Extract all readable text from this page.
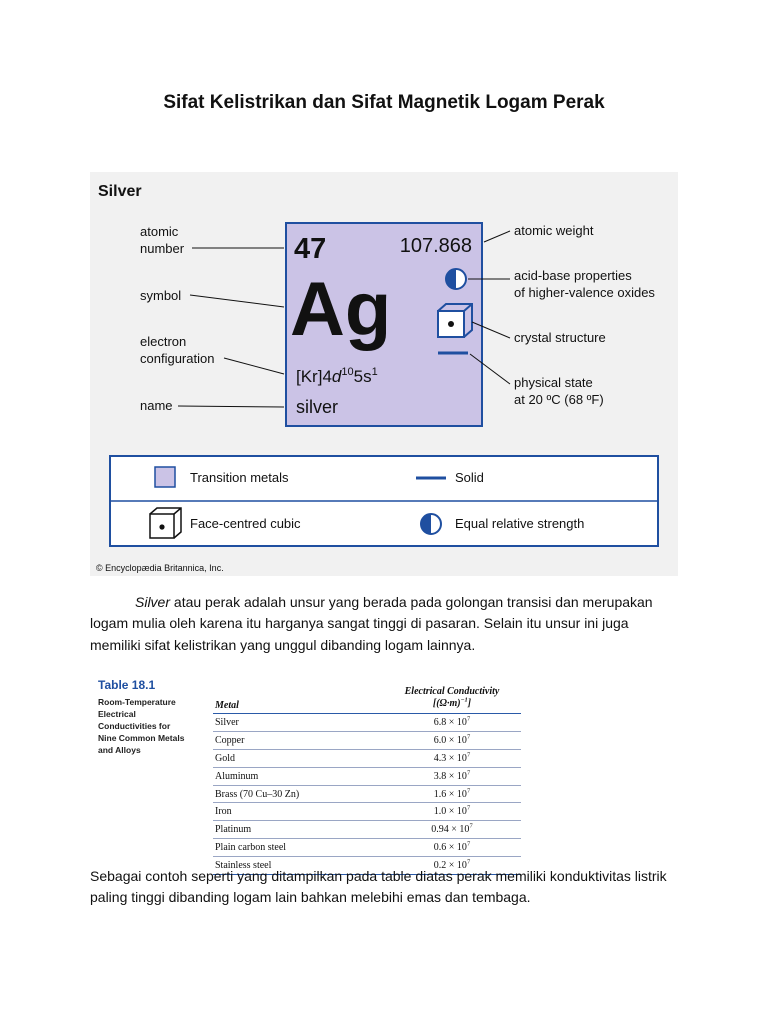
Sifat Kelistrikan dan Sifat Magnetik Logam Perak
Silver
47	107.868
Ag
$[Kr]4d^{10}5s^1$
silver
atomic
number
symbol
electron
configuration
name
atomic weight
acid-base properties
of higher-valence oxides
crystal structure
physical state
at 20 ºC (68 ºF)
Transition metals	Solid
Face-centred cubic	Equal relative strength
© Encyclopædia Britannica, Inc.
Silver atau perak adalah unsur yang berada pada golongan transisi dan merupakan logam mulia oleh karena itu harganya sangat tinggi di pasaran. Selain itu unsur ini juga memiliki sifat kelistrikan yang unggul dibanding logam lainnya.
Table 18.1
Room-Temperature
Electrical
Conductivities for
Nine Common Metals
and Alloys
Metal
Electrical Conductivity
$[(\Omega\cdot m)^{-1}]$
Silver	$6.8 \times 10^7$
Copper	$6.0 \times 10^7$
Gold	$4.3 \times 10^7$
Aluminum	$3.8 \times 10^7$
Brass (70 Cu–30 Zn)	$1.6 \times 10^7$
Iron	$1.0 \times 10^7$
Platinum	$0.94 \times 10^7$
Plain carbon steel	$0.6 \times 10^7$
Stainless steel	$0.2 \times 10^7$
Sebagai contoh seperti yang ditampilkan pada table diatas perak memiliki konduktivitas listrik paling tinggi dibanding logam lain bahkan melebihi emas dan tembaga.
